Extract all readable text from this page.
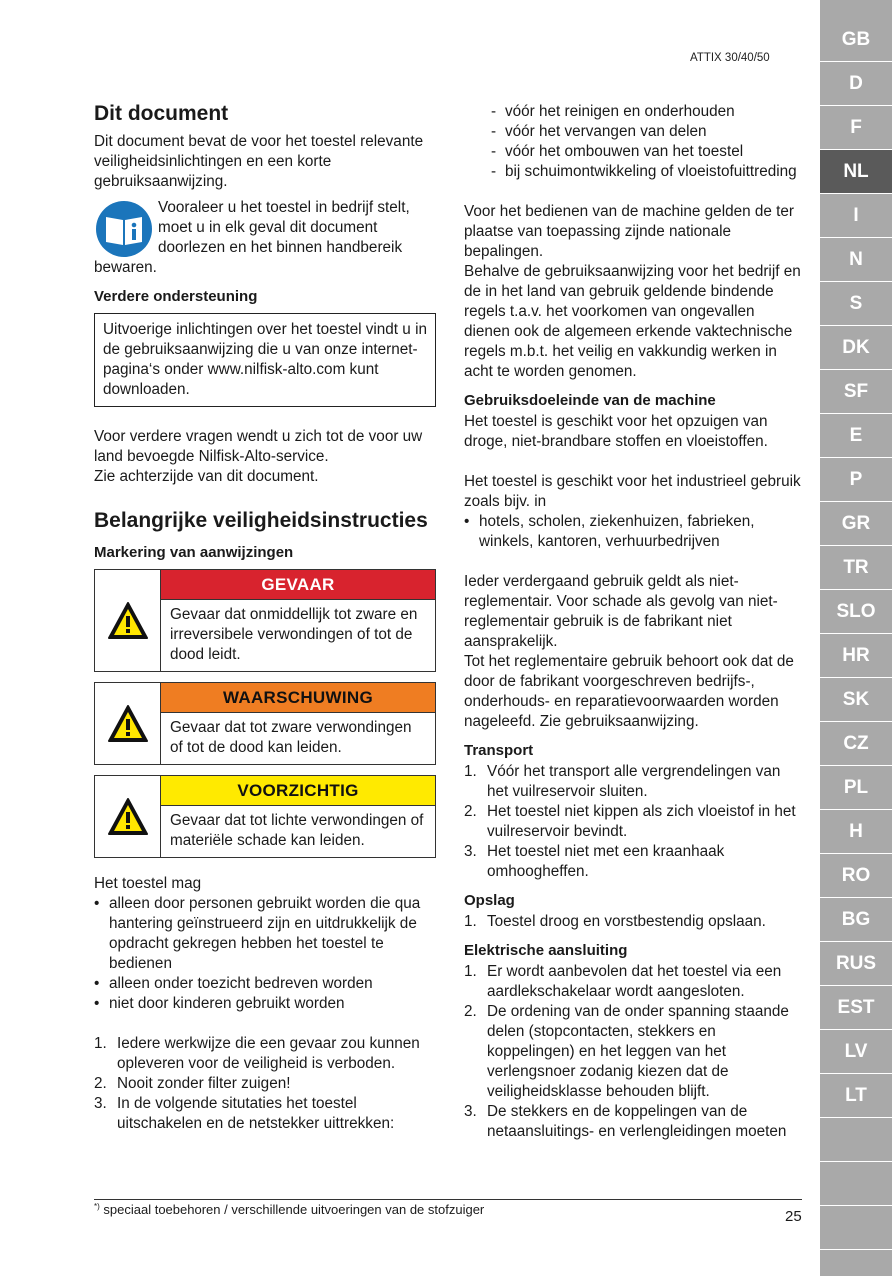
ATTIX 30/40/50
Dit document

Dit document bevat de voor het toestel relevante veiligheidsinlichtingen en een korte gebruiksaanwijzing.

Vooraleer u het toestel in bedrijf stelt, moet u in elk geval dit document doorlezen en het binnen handbereik bewaren.

Verdere ondersteuning
Uitvoerige inlichtingen over het toestel vindt u in de gebruiksaanwijzing die u van onze internet-pagina‘s onder www.nilfisk-alto.com kunt downloaden.

Voor verdere vragen wendt u zich tot de voor uw land bevoegde Nilfisk-Alto-service.

Zie achterzijde van dit document.

Belangrijke veiligheidsinstructies
Markering van aanwijzingen
GEVAAR
Gevaar dat onmiddellijk tot zware en irreversibele verwondingen of tot de dood leidt.
WAARSCHUWING
Gevaar dat tot zware verwondingen of tot de dood kan leiden.
VOORZICHTIG
Gevaar dat tot lichte verwondingen of materiële schade kan leiden.

Het toestel mag

• alleen door personen gebruikt worden die qua hantering geïnstrueerd zijn en uitdrukkelijk de opdracht gekregen hebben het toestel te bedienen
• alleen onder toezicht bedreven worden
• niet door kinderen gebruikt worden
1. Iedere werkwijze die een gevaar zou kunnen opleveren voor de veiligheid is verboden.
2. Nooit zonder filter zuigen!
3. In de volgende situtaties het toestel uitschakelen en de netstekker uittrekken:
- vóór het reinigen en onderhouden
- vóór het vervangen van delen
- vóór het ombouwen van het toestel
- bij schuimontwikkeling of vloeistofuittreding

Voor het bedienen van de machine gelden de ter plaatse van toepassing zijnde nationale bepalingen.

Behalve de gebruiksaanwijzing voor het bedrijf en de in het land van gebruik geldende bindende regels t.a.v. het voorkomen van ongevallen dienen ook de algemeen erkende vaktechnische regels m.b.t. het veilig en vakkundig werken in acht te worden genomen.

Gebruiksdoeleinde van de machine

Het toestel is geschikt voor het opzuigen van droge, niet-brandbare stoffen en vloeistoffen.

Het toestel is geschikt voor het industrieel gebruik zoals bijv. in

• hotels, scholen, ziekenhuizen, fabrieken, winkels, kantoren, verhuurbedrijven

Ieder verdergaand gebruik geldt als niet-reglementair. Voor schade als gevolg van niet-reglementair gebruik is de fabrikant niet aansprakelijk.

Tot het reglementaire gebruik behoort ook dat de door de fabrikant voorgeschreven bedrijfs-, onderhouds- en reparatievoorwaarden worden nageleefd. Zie gebruiksaanwijzing.

Transport
1. Vóór het transport alle vergrendelingen van het vuilreservoir sluiten.
2. Het toestel niet kippen als zich vloeistof in het vuilreservoir bevindt.
3. Het toestel niet met een kraanhaak omhoogheffen.
Opslag
1. Toestel droog en vorstbestendig opslaan.
Elektrische aansluiting
1. Er wordt aanbevolen dat het toestel via een aardlekschakelaar wordt aangesloten.
2. De ordening van de onder spanning staande delen (stopcontacten, stekkers en koppelingen) en het leggen van het verlengsnoer zodanig kiezen dat de veiligheidsklasse behouden blijft.
3. De stekkers en de koppelingen van de netaansluitings- en verlengleidingen moeten
*) speciaal toebehoren / verschillende uitvoeringen van de stofzuiger	25
GB
D
F
NL
I
N
S
DK
SF
E
P
GR
TR
SLO
HR
SK
CZ
PL
H
RO
BG
RUS
EST
LV
LT
